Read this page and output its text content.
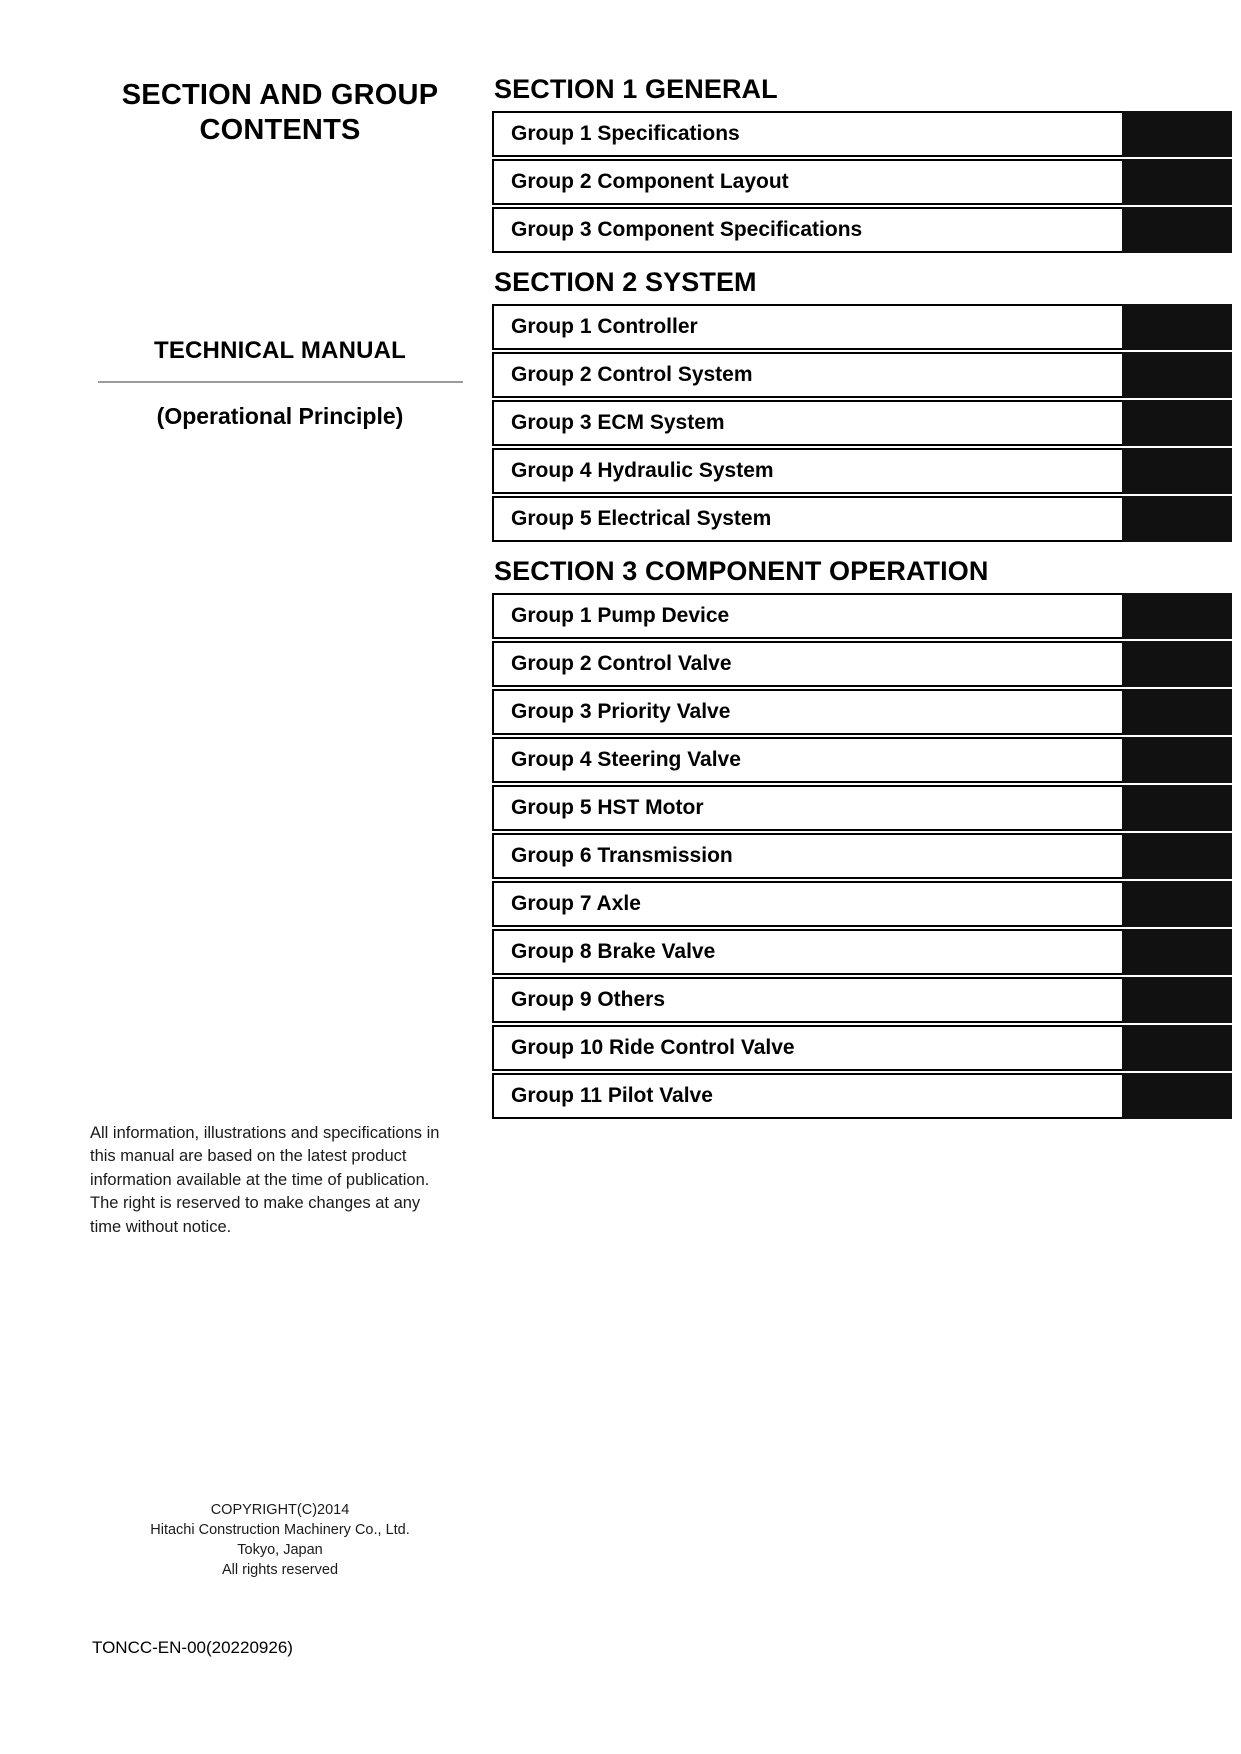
SECTION AND GROUP CONTENTS
TECHNICAL MANUAL
(Operational Principle)
All information, illustrations and specifications in this manual are based on the latest product information available at the time of publication. The right is reserved to make changes at any time without notice.
COPYRIGHT(C)2014
Hitachi Construction Machinery Co., Ltd.
Tokyo, Japan
All rights reserved
TONCC-EN-00(20220926)
SECTION 1 GENERAL
Group 1 Specifications
Group 2 Component Layout
Group 3 Component Specifications
SECTION 2 SYSTEM
Group 1 Controller
Group 2 Control System
Group 3 ECM System
Group 4 Hydraulic System
Group 5 Electrical System
SECTION 3 COMPONENT OPERATION
Group 1 Pump Device
Group 2 Control Valve
Group 3 Priority Valve
Group 4 Steering Valve
Group 5 HST Motor
Group 6 Transmission
Group 7 Axle
Group 8 Brake Valve
Group 9 Others
Group 10 Ride Control Valve
Group 11 Pilot Valve
